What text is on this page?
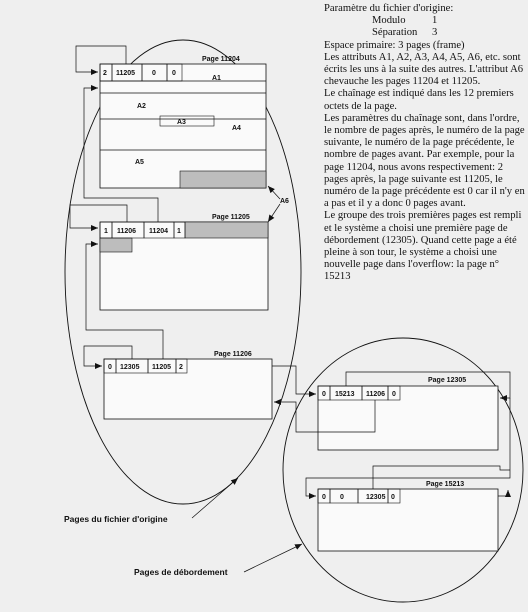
Page 11204
2 11205 0 0
A1
A2
A3
A4
A5
A6
Page 11205
1 11206 11204 1
Page 11206
0 12305 11205 2
Page 12305
0 15213 11206 0
Page 15213
0 0	12305 0
Pages du fichier d'origine
Pages de débordement
Paramètre du fichier d'origine:
Modulo 1
Séparation 3
Espace primaire: 3 pages (frame)
Les attributs A1, A2, A3, A4, A5, A6, etc. sont écrits les uns à la suite des autres. L'attribut A6 chevauche les pages 11204 et 11205.
Le chaînage est indiqué dans les 12 premiers octets de la page.
Les paramètres du chaînage sont, dans l'ordre, le nombre de pages après, le numéro de la page suivante, le numéro de la page précédente, le nombre de pages avant. Par exemple, pour la page 11204, nous avons respectivement: 2 pages après, la page suivante est 11205, le numéro de la page précédente est 0 car il n'y en a pas et il y a donc 0 pages avant.
Le groupe des trois premières pages est rempli et le système a choisi une première page de débordement (12305). Quand cette page a été pleine à son tour, le système a choisi une nouvelle page dans l'overflow: la page n° 15213
